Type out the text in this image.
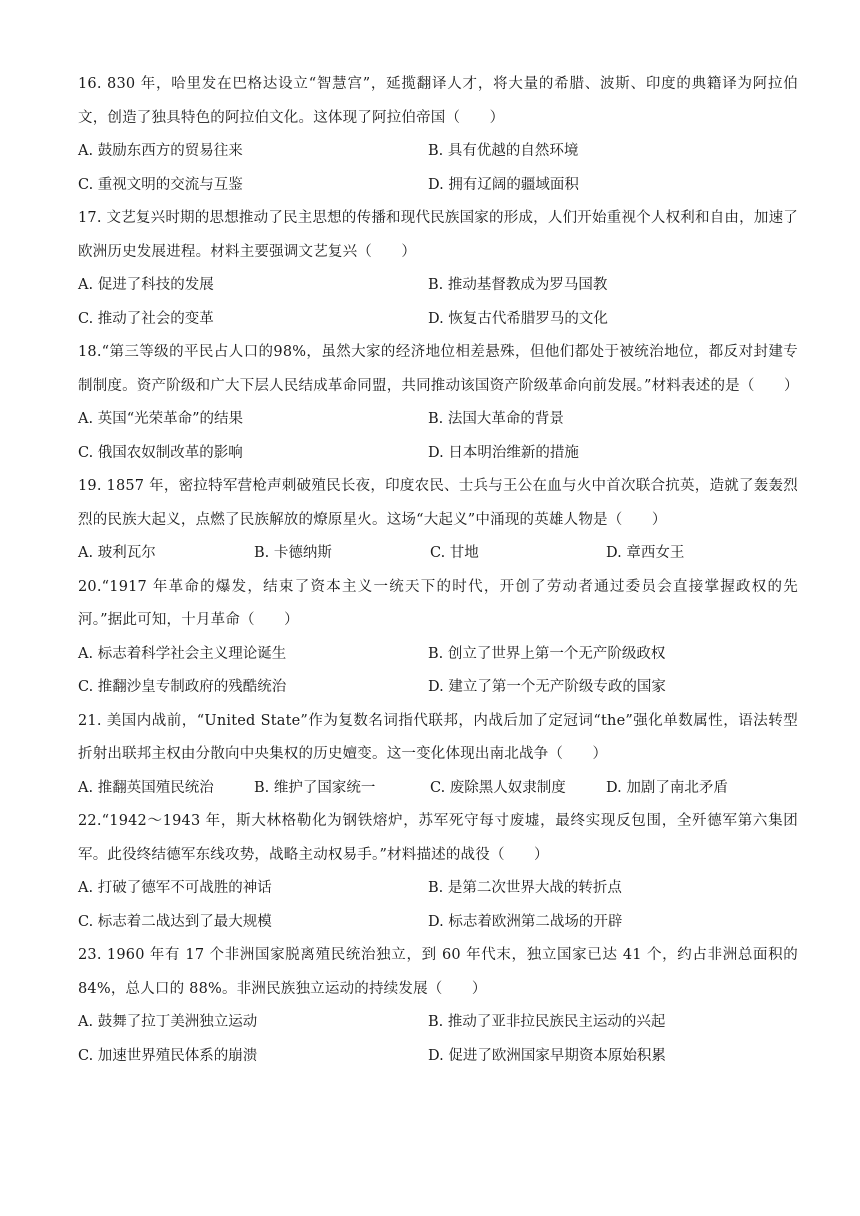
16. 830 年，哈里发在巴格达设立“智慧宫”，延揽翻译人才，将大量的希腊、波斯、印度的典籍译为阿拉伯文，创造了独具特色的阿拉伯文化。这体现了阿拉伯帝国（　　）

A. 鼓励东西方的贸易往来	B. 具有优越的自然环境
C. 重视文明的交流与互鉴	D. 拥有辽阔的疆域面积

17. 文艺复兴时期的思想推动了民主思想的传播和现代民族国家的形成，人们开始重视个人权利和自由，加速了欧洲历史发展进程。材料主要强调文艺复兴（　　）

A. 促进了科技的发展	B. 推动基督教成为罗马国教
C. 推动了社会的变革	D. 恢复古代希腊罗马的文化

18.“第三等级的平民占人口的98%，虽然大家的经济地位相差悬殊，但他们都处于被统治地位，都反对封建专制制度。资产阶级和广大下层人民结成革命同盟，共同推动该国资产阶级革命向前发展。”材料表述的是（　　）

A. 英国“光荣革命”的结果	B. 法国大革命的背景
C. 俄国农奴制改革的影响	D. 日本明治维新的措施

19. 1857 年，密拉特军营枪声刺破殖民长夜，印度农民、士兵与王公在血与火中首次联合抗英，造就了轰轰烈烈的民族大起义，点燃了民族解放的燎原星火。这场“大起义”中涌现的英雄人物是（　　）

A. 玻利瓦尔	B. 卡德纳斯	C. 甘地	D. 章西女王

20.“1917 年革命的爆发，结束了资本主义一统天下的时代，开创了劳动者通过委员会直接掌握政权的先河。”据此可知，十月革命（　　）

A. 标志着科学社会主义理论诞生	B. 创立了世界上第一个无产阶级政权
C. 推翻沙皇专制政府的残酷统治	D. 建立了第一个无产阶级专政的国家

21. 美国内战前，“United State”作为复数名词指代联邦，内战后加了定冠词“the”强化单数属性，语法转型折射出联邦主权由分散向中央集权的历史嬗变。这一变化体现出南北战争（　　）

A. 推翻英国殖民统治	B. 维护了国家统一	C. 废除黑人奴隶制度	D. 加剧了南北矛盾

22.“1942～1943 年，斯大林格勒化为钢铁熔炉，苏军死守每寸废墟，最终实现反包围，全歼德军第六集团军。此役终结德军东线攻势，战略主动权易手。”材料描述的战役（　　）

A. 打破了德军不可战胜的神话	B. 是第二次世界大战的转折点
C. 标志着二战达到了最大规模	D. 标志着欧洲第二战场的开辟

23. 1960 年有 17 个非洲国家脱离殖民统治独立，到 60 年代末，独立国家已达 41 个，约占非洲总面积的 84%，总人口的 88%。非洲民族独立运动的持续发展（　　）

A. 鼓舞了拉丁美洲独立运动	B. 推动了亚非拉民族民主运动的兴起
C. 加速世界殖民体系的崩溃	D. 促进了欧洲国家早期资本原始积累
